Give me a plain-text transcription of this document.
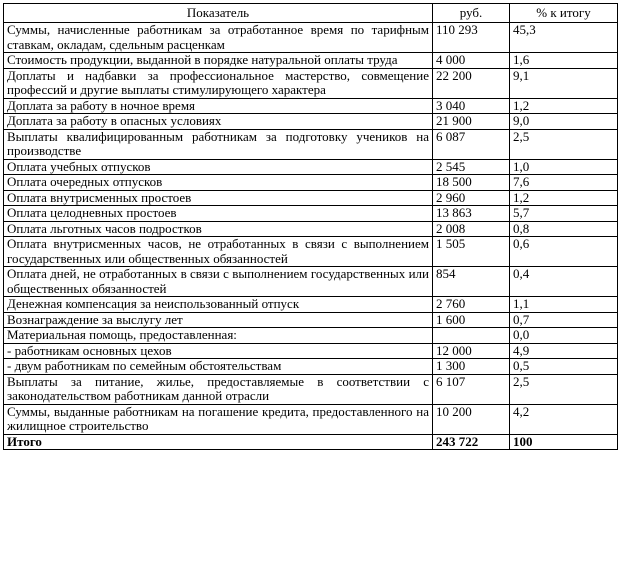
Показатель	руб.	% к итогу
Суммы, начисленные работникам за отработанное время по тарифным ставкам, окладам, сдельным расценкам	110 293	45,3
Стоимость продукции, выданной в порядке натуральной оплаты труда	4 000	1,6
Доплаты и надбавки за профессиональное мастерство, совмещение профессий и другие выплаты стимулирующего характера	22 200	9,1
Доплата за работу в ночное время	3 040	1,2
Доплата за работу в опасных условиях	21 900	9,0
Выплаты квалифицированным работникам за подготовку учеников на производстве	6 087	2,5
Оплата учебных отпусков	2 545	1,0
Оплата очередных отпусков	18 500	7,6
Оплата внутрисменных простоев	2 960	1,2
Оплата целодневных простоев	13 863	5,7
Оплата льготных часов подростков	2 008	0,8
Оплата внутрисменных часов, не отработанных в связи с выполнением государственных или общественных обязанностей	1 505	0,6
Оплата дней, не отработанных в связи с выполнением государственных или общественных обязанностей	854	0,4
Денежная компенсация за неиспользованный отпуск	2 760	1,1
Вознаграждение за выслугу лет	1 600	0,7
Материальная помощь, предоставленная:		0,0
- работникам основных цехов	12 000	4,9
- двум работникам по семейным обстоятельствам	1 300	0,5
Выплаты за питание, жилье, предоставляемые в соответствии с законодательством работникам данной отрасли	6 107	2,5
Суммы, выданные работникам на погашение кредита, предоставленного на жилищное строительство	10 200	4,2
Итого	243 722	100
